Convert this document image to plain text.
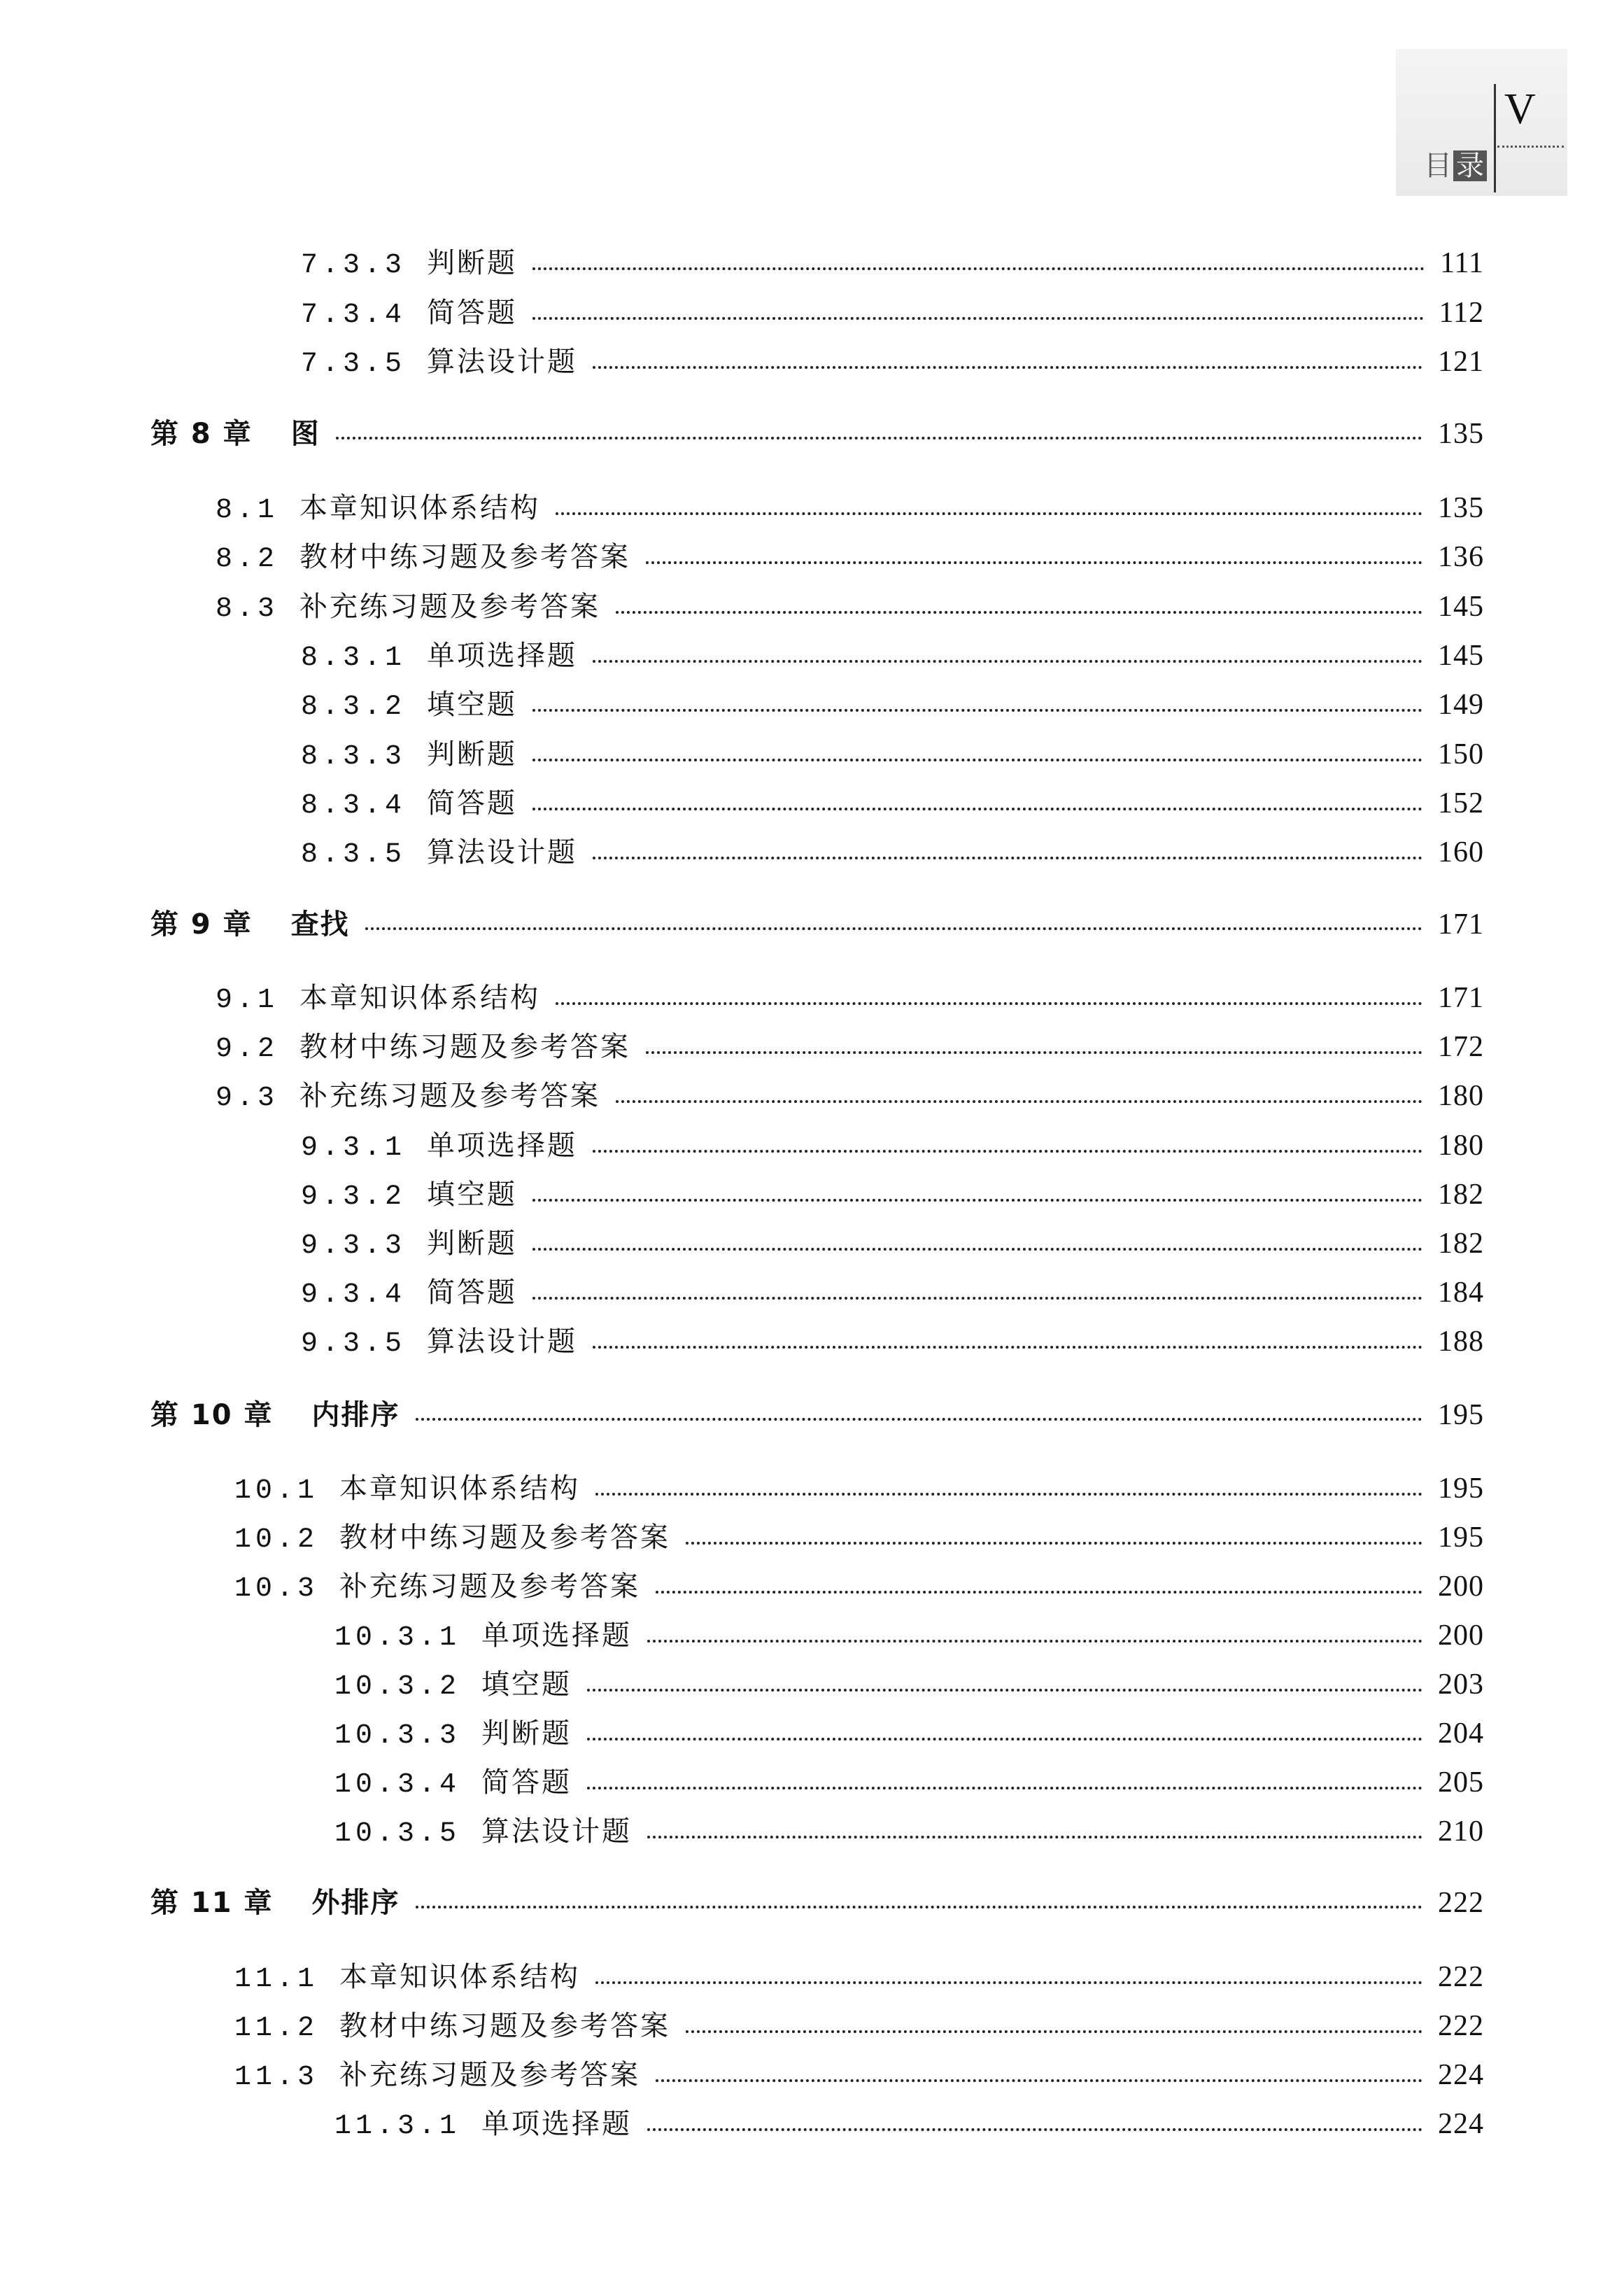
V
目 录
7.3.3 判断题	111
7.3.4 简答题	112
7.3.5 算法设计题	121
第 8 章 图	135
8.1 本章知识体系结构	135
8.2 教材中练习题及参考答案	136
8.3 补充练习题及参考答案	145
8.3.1 单项选择题	145
8.3.2 填空题	149
8.3.3 判断题	150
8.3.4 简答题	152
8.3.5 算法设计题	160
第 9 章 查找	171
9.1 本章知识体系结构	171
9.2 教材中练习题及参考答案	172
9.3 补充练习题及参考答案	180
9.3.1 单项选择题	180
9.3.2 填空题	182
9.3.3 判断题	182
9.3.4 简答题	184
9.3.5 算法设计题	188
第 10 章 内排序	195
10.1 本章知识体系结构	195
10.2 教材中练习题及参考答案	195
10.3 补充练习题及参考答案	200
10.3.1 单项选择题	200
10.3.2 填空题	203
10.3.3 判断题	204
10.3.4 简答题	205
10.3.5 算法设计题	210
第 11 章 外排序	222
11.1 本章知识体系结构	222
11.2 教材中练习题及参考答案	222
11.3 补充练习题及参考答案	224
11.3.1 单项选择题	224
